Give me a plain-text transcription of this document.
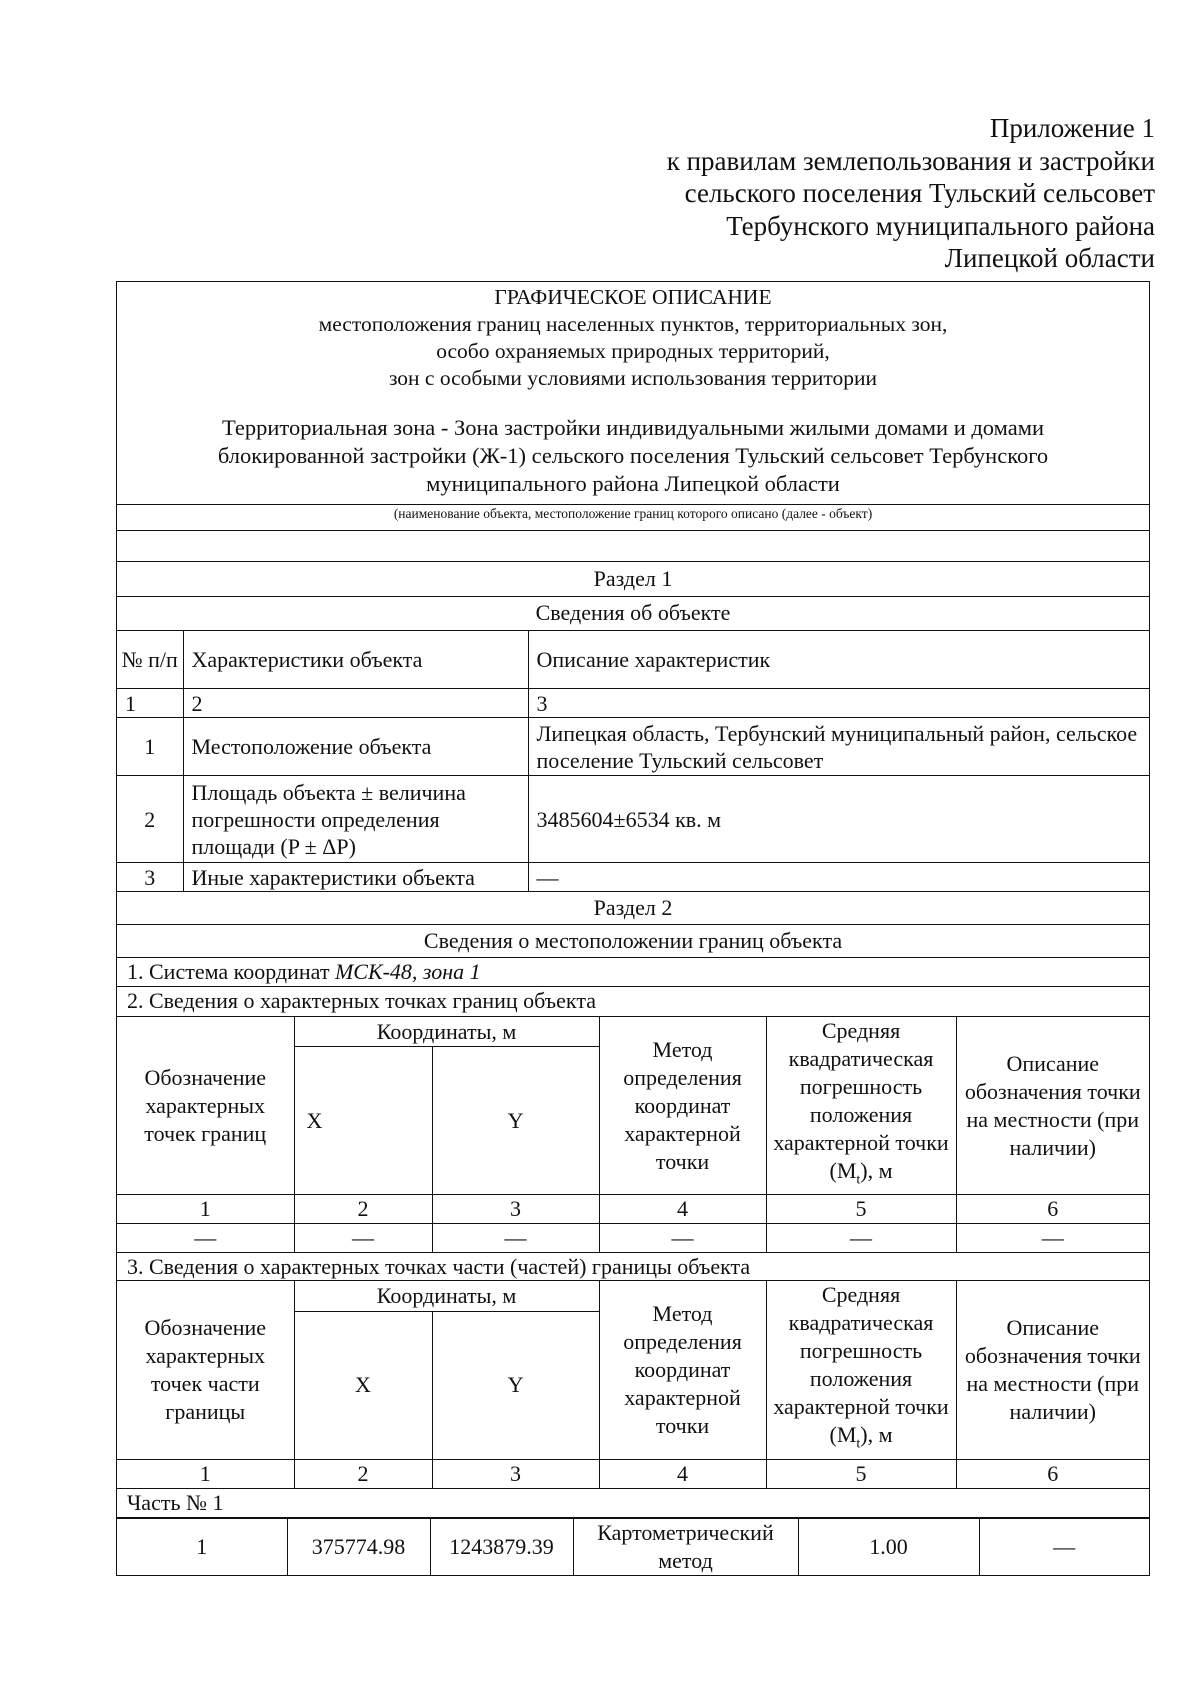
Приложение 1
к правилам землепользования и застройки
сельского поселения Тульский сельсовет
Тербунского муниципального района
Липецкой области
ГРАФИЧЕСКОЕ ОПИСАНИЕ
местоположения границ населенных пунктов, территориальных зон,
особо охраняемых природных территорий,
зон с особыми условиями использования территории
Территориальная зона - Зона застройки индивидуальными жилыми домами и домами
блокированной застройки (Ж-1) сельского поселения Тульский сельсовет Тербунского
муниципального района Липецкой области
(наименование объекта, местоположение границ которого описано (далее - объект)
Раздел 1
Сведения об объекте
№ п/п	Характеристики объекта	Описание характеристик
1	2	3
1	Местоположение объекта	Липецкая область, Тербунский муниципальный район, сельское поселение Тульский сельсовет
2	Площадь объекта ± величина погрешности определения площади (P ± ΔP)	3485604±6534 кв. м
3	Иные характеристики объекта	—
Раздел 2
Сведения о местоположении границ объекта
1. Система координат МСК-48, зона 1
2. Сведения о характерных точках границ объекта
Обозначение характерных точек границ	Координаты, м		Метод определения координат характерной точки	Средняя квадратическая погрешность положения характерной точки $(M_t)$, м	Описание обозначения точки на местности (при наличии)
	X	Y			
1	2	3	4	5	6
—	—	—	—	—	—
3. Сведения о характерных точках части (частей) границы объекта
Обозначение характерных точек части границы	Координаты, м		Метод определения координат характерной точки	Средняя квадратическая погрешность положения характерной точки $(M_t)$, м	Описание обозначения точки на местности (при наличии)
	X	Y			
1	2	3	4	5	6
Часть № 1					
1	375774.98	1243879.39	Картометрический метод	1.00	—
